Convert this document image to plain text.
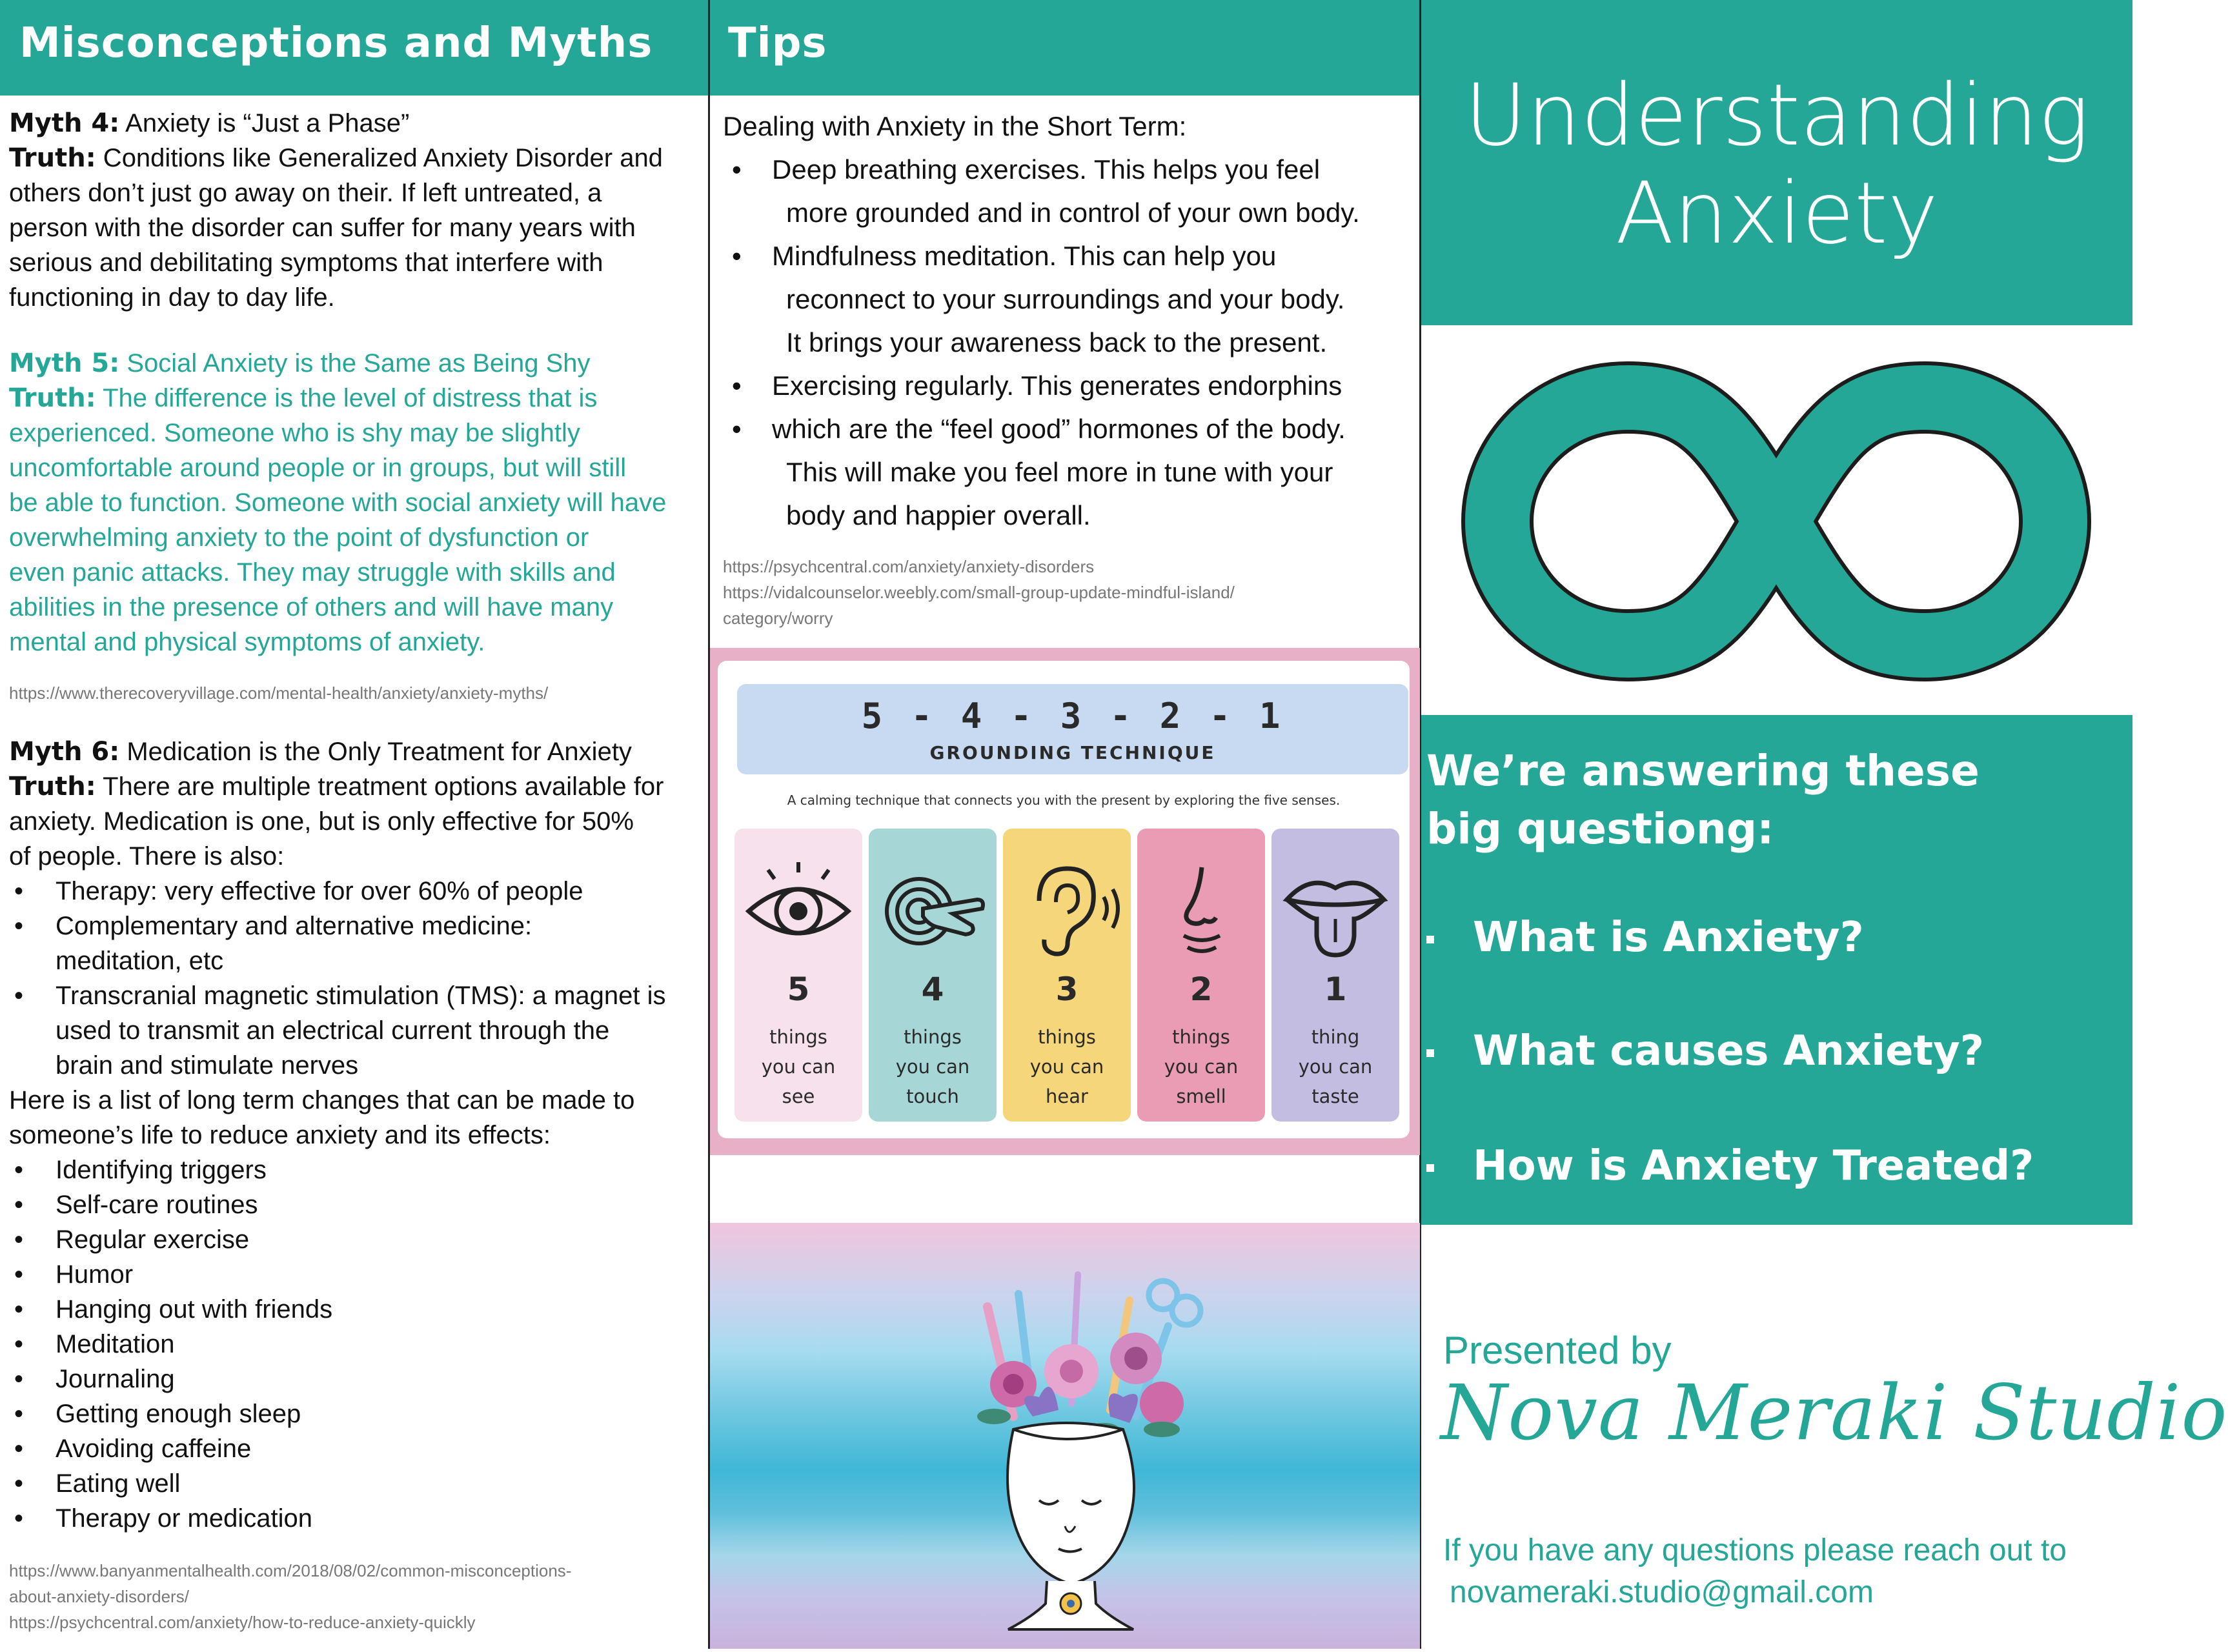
Misconceptions and Myths
Myth 4: Anxiety is “Just a Phase”
Truth: Conditions like Generalized Anxiety Disorder and
others don’t just go away on their. If left untreated, a
person with the disorder can suffer for many years with
serious and debilitating symptoms that interfere with
functioning in day to day life.
Myth 5: Social Anxiety is the Same as Being Shy
Truth: The difference is the level of distress that is
experienced. Someone who is shy may be slightly
uncomfortable around people or in groups, but will still
be able to function. Someone with social anxiety will have
overwhelming anxiety to the point of dysfunction or
even panic attacks. They may struggle with skills and
abilities in the presence of others and will have many
mental and physical symptoms of anxiety.
https://www.therecoveryvillage.com/mental-health/anxiety/anxiety-myths/
Myth 6: Medication is the Only Treatment for Anxiety
Truth: There are multiple treatment options available for
anxiety. Medication is one, but is only effective for 50%
of people. There is also:
• Therapy: very effective for over 60% of people
• Complementary and alternative medicine:
meditation, etc
• Transcranial magnetic stimulation (TMS): a magnet is
used to transmit an electrical current through the
brain and stimulate nerves
Here is a list of long term changes that can be made to
someone’s life to reduce anxiety and its effects:
• Identifying triggers
• Self-care routines
• Regular exercise
• Humor
• Hanging out with friends
• Meditation
• Journaling
• Getting enough sleep
• Avoiding caffeine
• Eating well
• Therapy or medication
https://www.banyanmentalhealth.com/2018/08/02/common-misconceptions-
about-anxiety-disorders/
https://psychcentral.com/anxiety/how-to-reduce-anxiety-quickly
Tips
Dealing with Anxiety in the Short Term:
• Deep breathing exercises. This helps you feel
more grounded and in control of your own body.
• Mindfulness meditation. This can help you
reconnect to your surroundings and your body.
It brings your awareness back to the present.
• Exercising regularly. This generates endorphins
• which are the “feel good” hormones of the body.
This will make you feel more in tune with your
body and happier overall.
https://psychcentral.com/anxiety/anxiety-disorders
https://vidalcounselor.weebly.com/small-group-update-mindful-island/
category/worry
5 - 4 - 3 - 2 - 1
GROUNDING TECHNIQUE
A calming technique that connects you with the present by exploring the five senses.
5
things
you can
see
4
things
you can
touch
3
things
you can
hear
2
things
you can
smell
1
thing
you can
taste
Understanding
Anxiety
We’re answering these
big questiong:
What is Anxiety?
What causes Anxiety?
How is Anxiety Treated?
Presented by
Nova Meraki Studio
If you have any questions please reach out to
novameraki.studio@gmail.com
